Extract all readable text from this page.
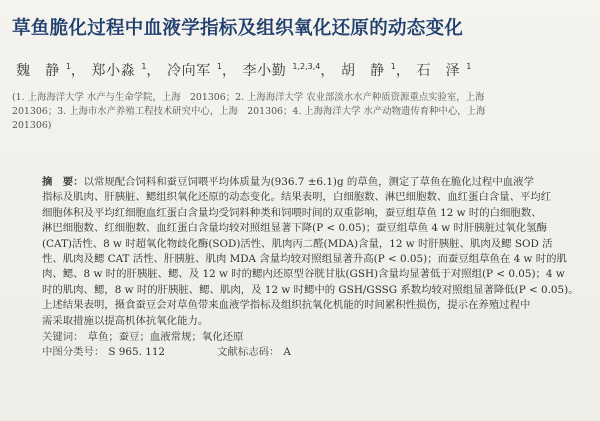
草鱼脆化过程中血液学指标及组织氧化还原的动态变化
魏　静 $^1$， 郑小淼 $^1$， 冷向军 $^1$， 李小勤 $^{1,2,3,4}$， 胡　静 $^1$， 石　泽 $^1$
(1. 上海海洋大学 水产与生命学院，上海　201306；2. 上海海洋大学 农业部淡水水产种质资源重点实验室，上海
201306；3. 上海市水产养殖工程技术研究中心，上海　201306；4. 上海海洋大学 水产动物遗传育种中心，上海
201306)
摘　要：以常规配合饲料和蚕豆饲喂平均体质量为(936.7 ±6.1)g 的草鱼，测定了草鱼在脆化过程中血液学
指标及肌肉、肝胰脏、鳃组织氧化还原的动态变化。结果表明，白细胞数、淋巴细胞数、血红蛋白含量、平均红
细胞体积及平均红细胞血红蛋白含量均受饲料种类和饲喂时间的双重影响，蚕豆组草鱼 12 w 时的白细胞数、
淋巴细胞数、红细胞数、血红蛋白含量均较对照组显著下降(P < 0.05)；蚕豆组草鱼 4 w 时肝胰脏过氧化氢酶
(CAT)活性、8 w 时超氧化物歧化酶(SOD)活性、肌肉丙二醛(MDA)含量，12 w 时肝胰脏、肌肉及鳃 SOD 活
性、肌肉及鳃 CAT 活性、肝胰脏、肌肉 MDA 含量均较对照组显著升高(P < 0.05)；而蚕豆组草鱼在 4 w 时的肌
肉、鳃、8 w 时的肝胰脏、鳃、及 12 w 时的鳃内还原型谷胱甘肽(GSH)含量均显著低于对照组(P < 0.05)；4 w
时的肌肉、鳃，8 w 时的肝胰脏、鳃、肌肉，及 12 w 时鳃中的 GSH/GSSG 系数均较对照组显著降低(P < 0.05)。
上述结果表明，摄食蚕豆会对草鱼带来血液学指标及组织抗氧化机能的时间累积性损伤，提示在养殖过程中
需采取措施以提高机体抗氧化能力。
关键词： 草鱼；蚕豆；血液常规；氧化还原
中图分类号： S 965. 112	文献标志码： A
